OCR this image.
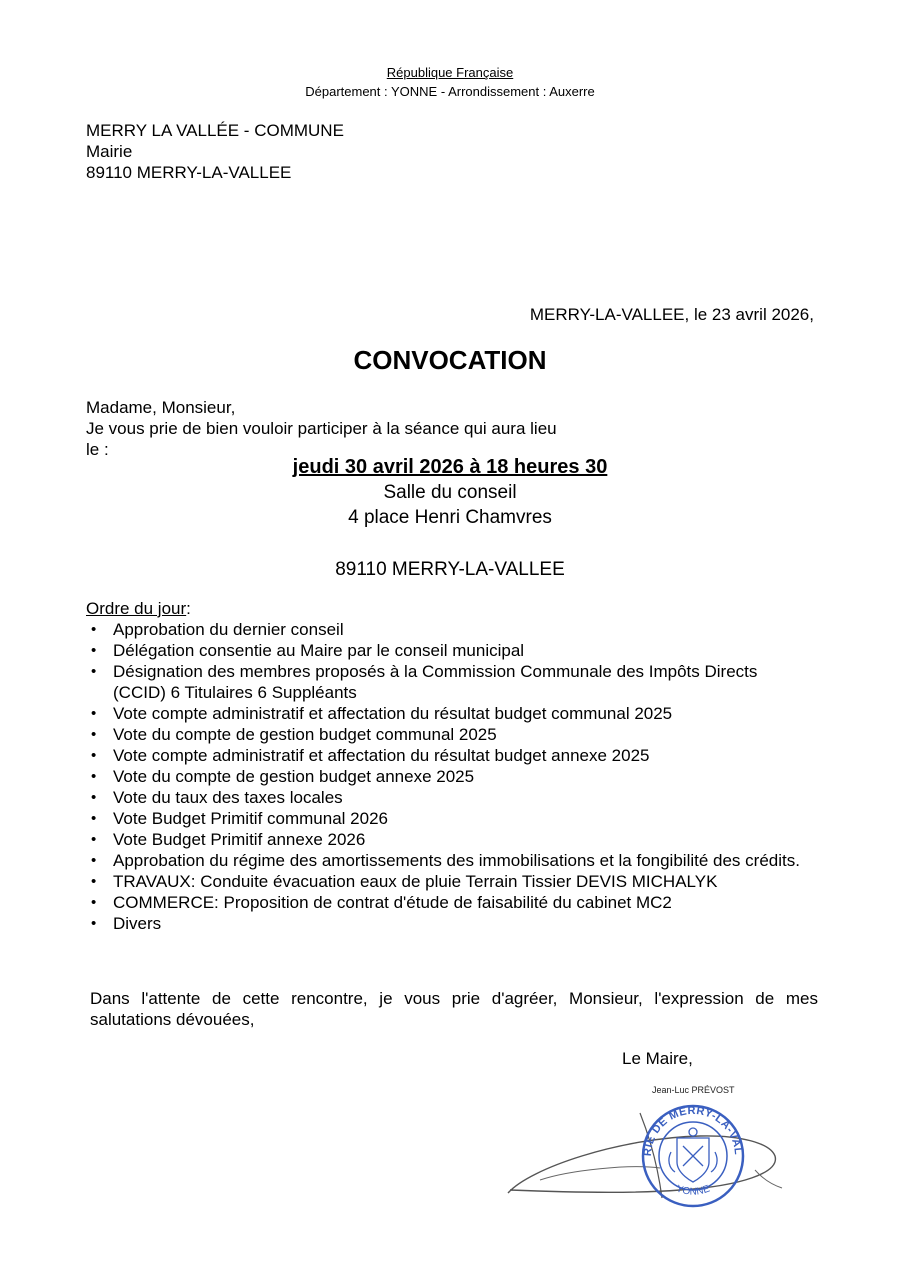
République Française
Département : YONNE - Arrondissement : Auxerre
MERRY LA VALLÉE - COMMUNE
Mairie
89110 MERRY-LA-VALLEE
MERRY-LA-VALLEE, le 23 avril 2026,
CONVOCATION
Madame, Monsieur,
Je vous prie de bien vouloir participer à la séance qui aura lieu
le :
jeudi 30 avril 2026 à 18 heures 30
Salle du conseil
4 place Henri Chamvres
89110 MERRY-LA-VALLEE
Ordre du jour:
• Approbation du dernier conseil
• Délégation consentie au Maire par le conseil municipal
• Désignation des membres proposés à la Commission Communale des Impôts Directs (CCID) 6 Titulaires 6 Suppléants
• Vote compte administratif et affectation du résultat budget communal 2025
• Vote du compte de gestion budget communal 2025
• Vote compte administratif et affectation du résultat budget annexe 2025
• Vote du compte de gestion budget annexe 2025
• Vote du taux des taxes locales
• Vote Budget Primitif communal 2026
• Vote Budget Primitif annexe 2026
• Approbation du régime des amortissements des immobilisations et la fongibilité des crédits.
• TRAVAUX: Conduite évacuation eaux de pluie Terrain Tissier DEVIS MICHALYK
• COMMERCE: Proposition de contrat d'étude de faisabilité du cabinet MC2
• Divers
Dans l'attente de cette rencontre, je vous prie d'agréer, Monsieur, l'expression de mes salutations dévouées,
Le Maire,
Jean-Luc PRÉVOST
MAIRIE DE MERRY-LA-VALLÉE
YONNE
